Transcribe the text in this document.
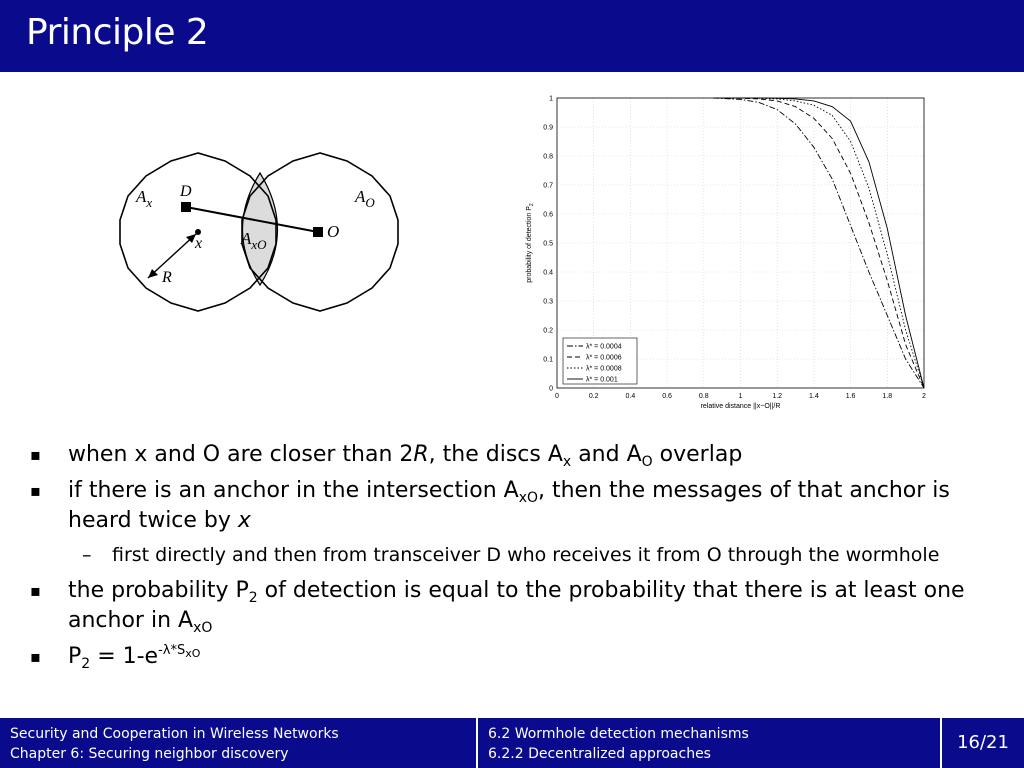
Principle 2
$A_x$
D	$A_O$
x $A_{xO}$
O
R
0	0.2	0.4	0.6	0.8	1	1.2	1.4	1.6	1.8	2
0
0.1
0.2
0.3
0.4
0.5
0.6
0.7
0.8
0.9
1
relative distance ||x−O||/R
probability of detection $P_2$
λ* = 0.0004
λ* = 0.0006
λ* = 0.0008
λ* = 0.001
▪ when x and O are closer than 2R, the discs $A_x$ and $A_O$ overlap
▪ if there is an anchor in the intersection $A_{xO}$, then the messages of that anchor is heard twice by x
– first directly and then from transceiver D who receives it from O through the wormhole
▪ the probability $P_2$ of detection is equal to the probability that there is at least one anchor in $A_{xO}$
▪ $P_2 = 1-e^{-\lambda*S_{xO}}$
Security and Cooperation in Wireless Networks
Chapter 6: Securing neighbor discovery
6.2 Wormhole detection mechanisms
6.2.2 Decentralized approaches
16/21
